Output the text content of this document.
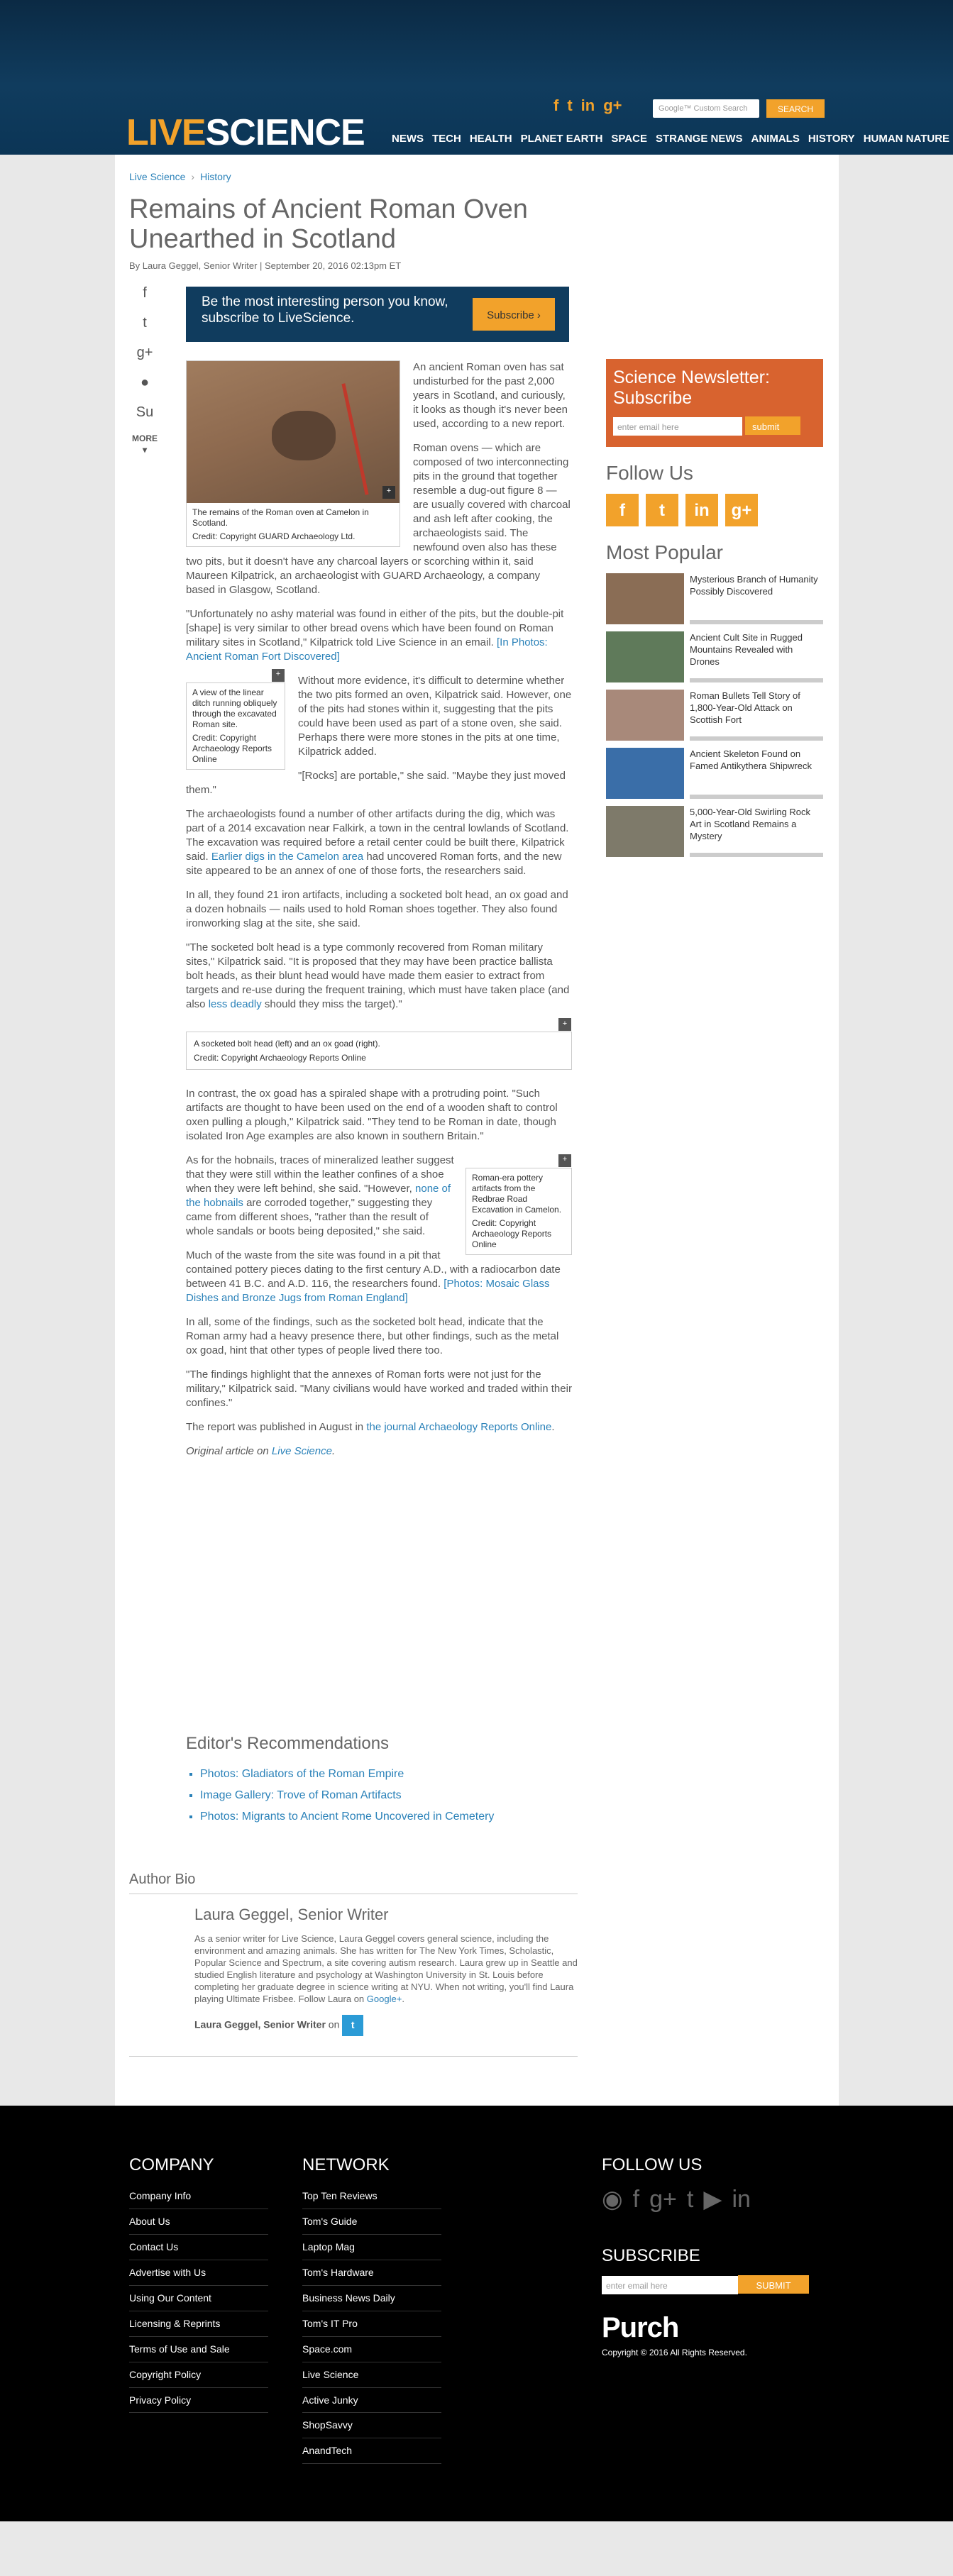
f t in g+	Google™ Custom Search	SEARCH
LIVESCIENCE	NEWS TECH HEALTH PLANET EARTH SPACE STRANGE NEWS ANIMALS HISTORY HUMAN NATURE
Live Science › History
Remains of Ancient Roman Oven Unearthed in Scotland
By Laura Geggel, Senior Writer | September 20, 2016 02:13pm ET
f
t
g+
●
Su
MORE ▾
Be the most interesting person you know, subscribe to LiveScience.	Subscribe ›
+
The remains of the Roman oven at Camelon in Scotland.
Credit: Copyright GUARD Archaeology Ltd.

An ancient Roman oven has sat undisturbed for the past 2,000 years in Scotland, and curiously, it looks as though it's never been used, according to a new report.

Roman ovens — which are composed of two interconnecting pits in the ground that together resemble a dug-out figure 8 — are usually covered with charcoal and ash left after cooking, the archaeologists said. The newfound oven also has these two pits, but it doesn't have any charcoal layers or scorching within it, said Maureen Kilpatrick, an archaeologist with GUARD Archaeology, a company based in Glasgow, Scotland.

"Unfortunately no ashy material was found in either of the pits, but the double-pit [shape] is very similar to other bread ovens which have been found on Roman military sites in Scotland," Kilpatrick told Live Science in an email. [In Photos: Ancient Roman Fort Discovered]

+
A view of the linear ditch running obliquely through the excavated Roman site.
Credit: Copyright Archaeology Reports Online

Without more evidence, it's difficult to determine whether the two pits formed an oven, Kilpatrick said. However, one of the pits had stones within it, suggesting that the pits could have been used as part of a stone oven, she said. Perhaps there were more stones in the pits at one time, Kilpatrick added.

"[Rocks] are portable," she said. "Maybe they just moved them."

The archaeologists found a number of other artifacts during the dig, which was part of a 2014 excavation near Falkirk, a town in the central lowlands of Scotland. The excavation was required before a retail center could be built there, Kilpatrick said. Earlier digs in the Camelon area had uncovered Roman forts, and the new site appeared to be an annex of one of those forts, the researchers said.

In all, they found 21 iron artifacts, including a socketed bolt head, an ox goad and a dozen hobnails — nails used to hold Roman shoes together. They also found ironworking slag at the site, she said.

"The socketed bolt head is a type commonly recovered from Roman military sites," Kilpatrick said. "It is proposed that they may have been practice ballista bolt heads, as their blunt head would have made them easier to extract from targets and re-use during the frequent training, which must have taken place (and also less deadly should they miss the target)."

+
A socketed bolt head (left) and an ox goad (right).
Credit: Copyright Archaeology Reports Online

In contrast, the ox goad has a spiraled shape with a protruding point. "Such artifacts are thought to have been used on the end of a wooden shaft to control oxen pulling a plough," Kilpatrick said. "They tend to be Roman in date, though isolated Iron Age examples are also known in southern Britain."

+
Roman-era pottery artifacts from the Redbrae Road Excavation in Camelon.
Credit: Copyright Archaeology Reports Online

As for the hobnails, traces of mineralized leather suggest that they were still within the leather confines of a shoe when they were left behind, she said. "However, none of the hobnails are corroded together," suggesting they came from different shoes, "rather than the result of whole sandals or boots being deposited," she said.

Much of the waste from the site was found in a pit that contained pottery pieces dating to the first century A.D., with a radiocarbon date between 41 B.C. and A.D. 116, the researchers found. [Photos: Mosaic Glass Dishes and Bronze Jugs from Roman England]

In all, some of the findings, such as the socketed bolt head, indicate that the Roman army had a heavy presence there, but other findings, such as the metal ox goad, hint that other types of people lived there too.

"The findings highlight that the annexes of Roman forts were not just for the military," Kilpatrick said. "Many civilians would have worked and traded within their confines."

The report was published in August in the journal Archaeology Reports Online.

Original article on Live Science.

Editor's Recommendations
▪ Photos: Gladiators of the Roman Empire
▪ Image Gallery: Trove of Roman Artifacts
▪ Photos: Migrants to Ancient Rome Uncovered in Cemetery
Author Bio
Laura Geggel, Senior Writer

As a senior writer for Live Science, Laura Geggel covers general science, including the environment and amazing animals. She has written for The New York Times, Scholastic, Popular Science and Spectrum, a site covering autism research. Laura grew up in Seattle and studied English literature and psychology at Washington University in St. Louis before completing her graduate degree in science writing at NYU. When not writing, you'll find Laura playing Ultimate Frisbee. Follow Laura on Google+.

Laura Geggel, Senior Writer on t
Science Newsletter: Subscribe
enter email here	submit
Follow Us
f	t	in	g+
Most Popular
Mysterious Branch of Humanity Possibly Discovered
Ancient Cult Site in Rugged Mountains Revealed with Drones
Roman Bullets Tell Story of 1,800-Year-Old Attack on Scottish Fort
Ancient Skeleton Found on Famed Antikythera Shipwreck
5,000-Year-Old Swirling Rock Art in Scotland Remains a Mystery
COMPANY
Company Info
About Us
Contact Us
Advertise with Us
Using Our Content
Licensing & Reprints
Terms of Use and Sale
Copyright Policy
Privacy Policy
NETWORK
Top Ten Reviews
Tom's Guide
Laptop Mag
Tom's Hardware
Business News Daily
Tom's IT Pro
Space.com
Live Science
Active Junky
ShopSavvy
AnandTech
FOLLOW US
◉ f g+ t ▶ in
SUBSCRIBE
enter email here	SUBMIT
Purch
Copyright © 2016 All Rights Reserved.
